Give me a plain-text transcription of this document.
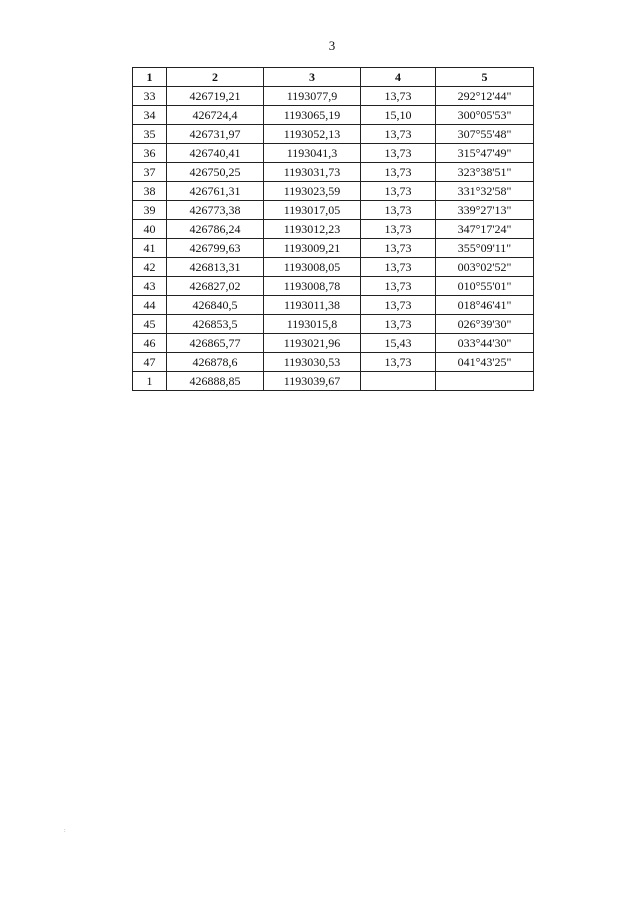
3
1	2	3	4	5
33	426719,21	1193077,9	13,73	292°12'44"
34	426724,4	1193065,19	15,10	300°05'53"
35	426731,97	1193052,13	13,73	307°55'48"
36	426740,41	1193041,3	13,73	315°47'49"
37	426750,25	1193031,73	13,73	323°38'51"
38	426761,31	1193023,59	13,73	331°32'58"
39	426773,38	1193017,05	13,73	339°27'13"
40	426786,24	1193012,23	13,73	347°17'24"
41	426799,63	1193009,21	13,73	355°09'11"
42	426813,31	1193008,05	13,73	003°02'52"
43	426827,02	1193008,78	13,73	010°55'01"
44	426840,5	1193011,38	13,73	018°46'41"
45	426853,5	1193015,8	13,73	026°39'30"
46	426865,77	1193021,96	15,43	033°44'30"
47	426878,6	1193030,53	13,73	041°43'25"
1	426888,85	1193039,67		
:
